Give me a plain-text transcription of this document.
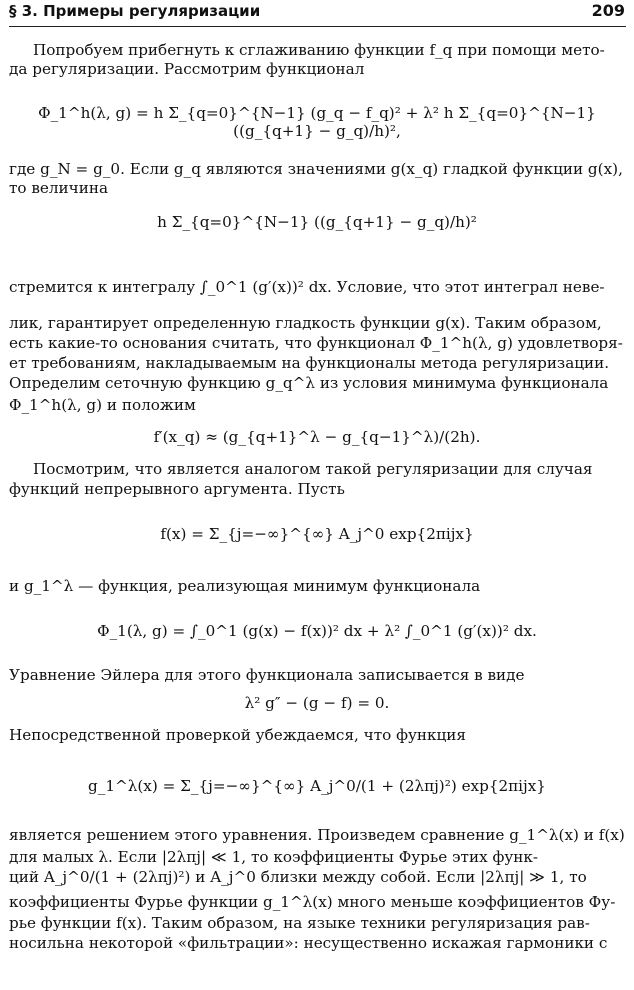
§ 3. Примеры регуляризации	209
Попробуем прибегнуть к сглаживанию функции f_q при помощи мето-
да регуляризации. Рассмотрим функционал
Φ_1^h(λ, g) = h Σ_{q=0}^{N−1} (g_q − f_q)² + λ² h Σ_{q=0}^{N−1} ((g_{q+1} − g_q)/h)²,
где g_N = g_0. Если g_q являются значениями g(x_q) гладкой функции g(x),
то величина
h Σ_{q=0}^{N−1} ((g_{q+1} − g_q)/h)²
стремится к интегралу ∫_0^1 (g′(x))² dx. Условие, что этот интеграл неве-
лик, гарантирует определенную гладкость функции g(x). Таким образом,
есть какие-то основания считать, что функционал Φ_1^h(λ, g) удовлетворя-
ет требованиям, накладываемым на функционалы метода регуляризации.
Определим сеточную функцию g_q^λ из условия минимума функционала
Φ_1^h(λ, g) и положим
f′(x_q) ≈ (g_{q+1}^λ − g_{q−1}^λ)/(2h).
Посмотрим, что является аналогом такой регуляризации для случая
функций непрерывного аргумента. Пусть
f(x) = Σ_{j=−∞}^{∞} A_j^0 exp{2πijx}
и g_1^λ — функция, реализующая минимум функционала
Φ_1(λ, g) = ∫_0^1 (g(x) − f(x))² dx + λ² ∫_0^1 (g′(x))² dx.
Уравнение Эйлера для этого функционала записывается в виде
λ² g″ − (g − f) = 0.
Непосредственной проверкой убеждаемся, что функция
g_1^λ(x) = Σ_{j=−∞}^{∞} A_j^0/(1 + (2λπj)²) exp{2πijx}
является решением этого уравнения. Произведем сравнение g_1^λ(x) и f(x)
для малых λ. Если |2λπj| ≪ 1, то коэффициенты Фурье этих функ-
ций A_j^0/(1 + (2λπj)²) и A_j^0 близки между собой. Если |2λπj| ≫ 1, то
коэффициенты Фурье функции g_1^λ(x) много меньше коэффициентов Фу-
рье функции f(x). Таким образом, на языке техники регуляризация рав-
носильна некоторой «фильтрации»: несущественно искажая гармоники с
